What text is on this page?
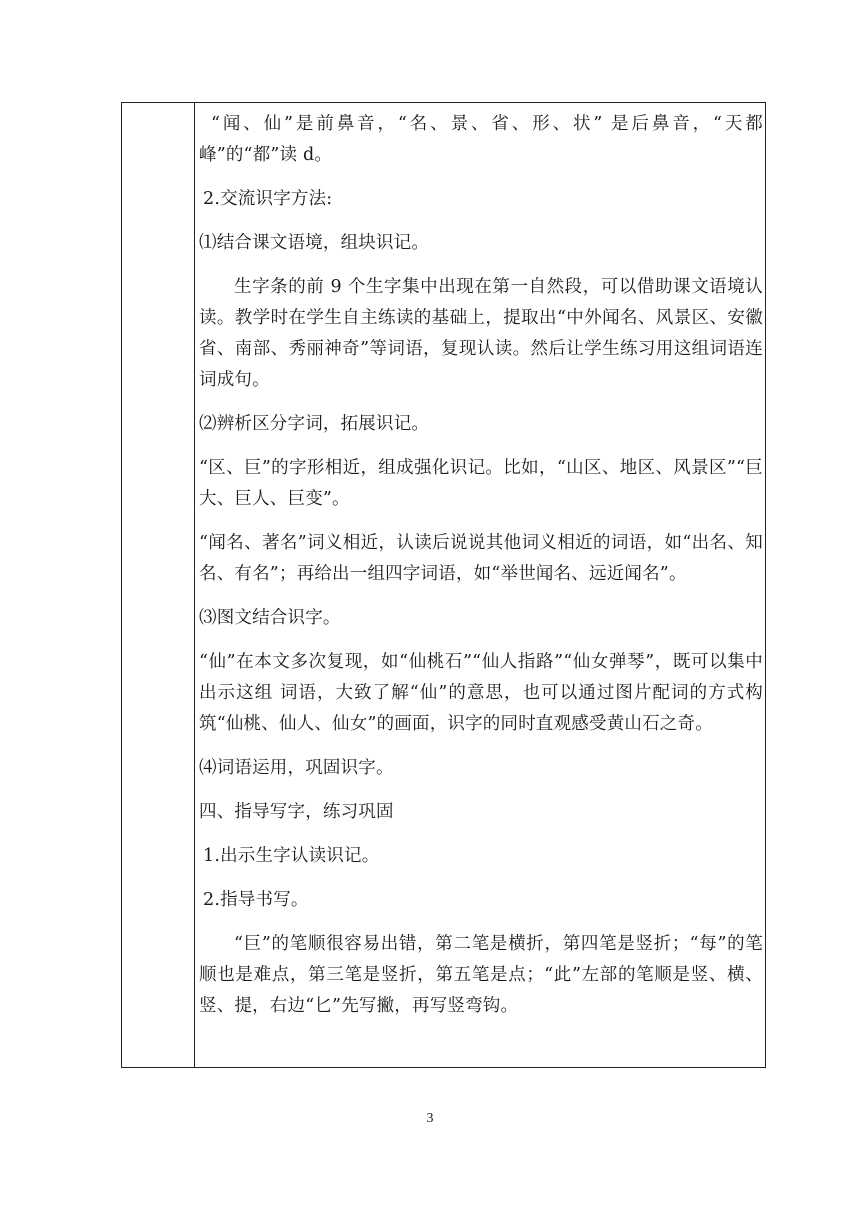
“闻、仙”是前鼻音，“名、景、省、形、状” 是后鼻音，“天都峰”的“都”读 d。

2.交流识字方法:

⑴结合课文语境，组块识记。

生字条的前 9 个生字集中出现在第一自然段，可以借助课文语境认读。教学时在学生自主练读的基础上，提取出“中外闻名、风景区、安徽省、南部、秀丽神奇”等词语，复现认读。然后让学生练习用这组词语连词成句。

⑵辨析区分字词，拓展识记。

“区、巨”的字形相近，组成强化识记。比如，“山区、地区、风景区”“巨大、巨人、巨变”。

“闻名、著名”词义相近，认读后说说其他词义相近的词语，如“出名、知名、有名”；再给出一组四字词语，如“举世闻名、远近闻名”。

⑶图文结合识字。

“仙”在本文多次复现，如“仙桃石”“仙人指路”“仙女弹琴”，既可以集中出示这组 词语，大致了解“仙”的意思，也可以通过图片配词的方式构筑“仙桃、仙人、仙女”的画面，识字的同时直观感受黄山石之奇。

⑷词语运用，巩固识字。

四、指导写字，练习巩固

1.出示生字认读识记。

2.指导书写。

“巨”的笔顺很容易出错，第二笔是横折，第四笔是竖折；“每”的笔顺也是难点，第三笔是竖折，第五笔是点；“此”左部的笔顺是竖、横、竖、提，右边“匕”先写撇，再写竖弯钩。

3
